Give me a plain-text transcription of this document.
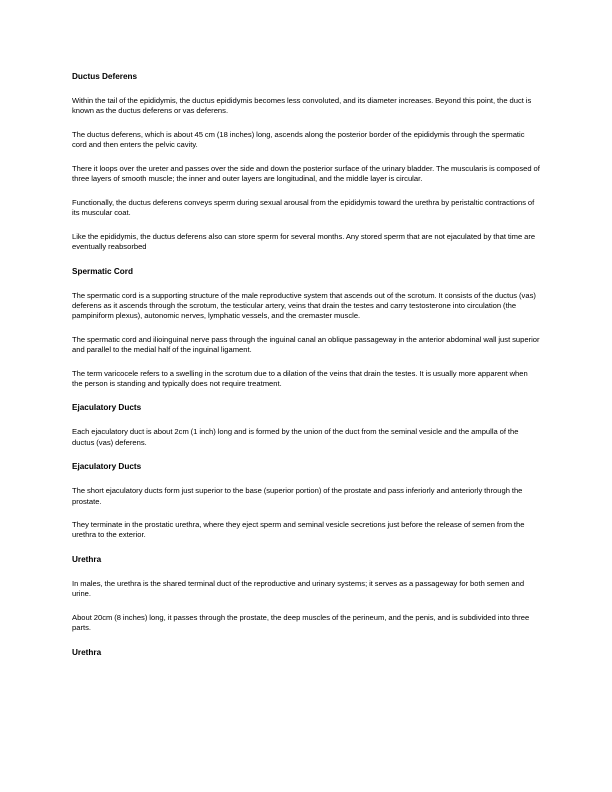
Ductus Deferens

Within the tail of the epididymis, the ductus epididymis becomes less convoluted, and its diameter increases. Beyond this point, the duct is known as the ductus deferens or vas deferens.

The ductus deferens, which is about 45 cm (18 inches) long, ascends along the posterior border of the epididymis through the spermatic cord and then enters the pelvic cavity.

There it loops over the ureter and passes over the side and down the posterior surface of the urinary bladder. The muscularis is composed of three layers of smooth muscle; the inner and outer layers are longitudinal, and the middle layer is circular.

Functionally, the ductus deferens conveys sperm during sexual arousal from the epididymis toward the urethra by peristaltic contractions of its muscular coat.

Like the epididymis, the ductus deferens also can store sperm for several months. Any stored sperm that are not ejaculated by that time are eventually reabsorbed

Spermatic Cord

The spermatic cord is a supporting structure of the male reproductive system that ascends out of the scrotum. It consists of the ductus (vas) deferens as it ascends through the scrotum, the testicular artery, veins that drain the testes and carry testosterone into circulation (the pampiniform plexus), autonomic nerves, lymphatic vessels, and the cremaster muscle.

The spermatic cord and ilioinguinal nerve pass through the inguinal canal an oblique passageway in the anterior abdominal wall just superior and parallel to the medial half of the inguinal ligament.

The term varicocele refers to a swelling in the scrotum due to a dilation of the veins that drain the testes. It is usually more apparent when the person is standing and typically does not require treatment.

Ejaculatory Ducts

Each ejaculatory duct is about 2cm (1 inch) long and is formed by the union of the duct from the seminal vesicle and the ampulla of the ductus (vas) deferens.

Ejaculatory Ducts

The short ejaculatory ducts form just superior to the base (superior portion) of the prostate and pass inferiorly and anteriorly through the prostate.

They terminate in the prostatic urethra, where they eject sperm and seminal vesicle secretions just before the release of semen from the urethra to the exterior.

Urethra

In males, the urethra is the shared terminal duct of the reproductive and urinary systems; it serves as a passageway for both semen and urine.

About 20cm (8 inches) long, it passes through the prostate, the deep muscles of the perineum, and the penis, and is subdivided into three parts.

Urethra
